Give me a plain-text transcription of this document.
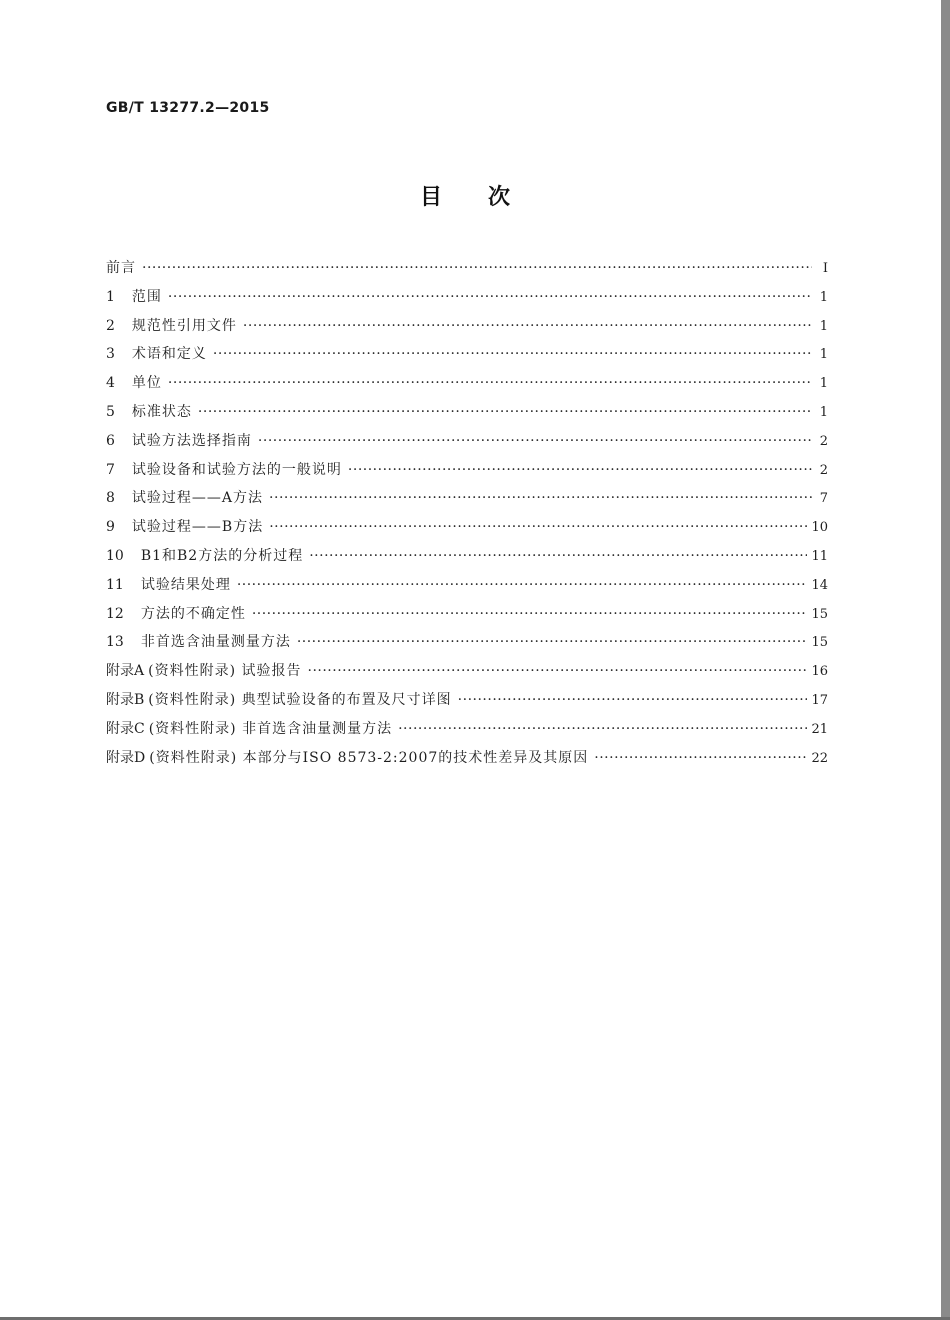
GB/T 13277.2—2015
目次
前言 ·····	Ⅰ
1 范围 ·····	1
2 规范性引用文件 ·····	1
3 术语和定义 ·····	1
4 单位 ·····	1
5 标准状态 ·····	1
6 试验方法选择指南 ·····	2
7 试验设备和试验方法的一般说明 ·····	2
8 试验过程——A方法 ·····	7
9 试验过程——B方法 ·····	10
10 B1和B2方法的分析过程 ·····	11
11 试验结果处理 ·····	14
12 方法的不确定性 ·····	15
13 非首选含油量测量方法 ·····	15
附录A (资料性附录) 试验报告 ·····	16
附录B (资料性附录) 典型试验设备的布置及尺寸详图 ·····	17
附录C (资料性附录) 非首选含油量测量方法 ·····	21
附录D (资料性附录) 本部分与ISO 8573-2:2007的技术性差异及其原因 ·····	22
